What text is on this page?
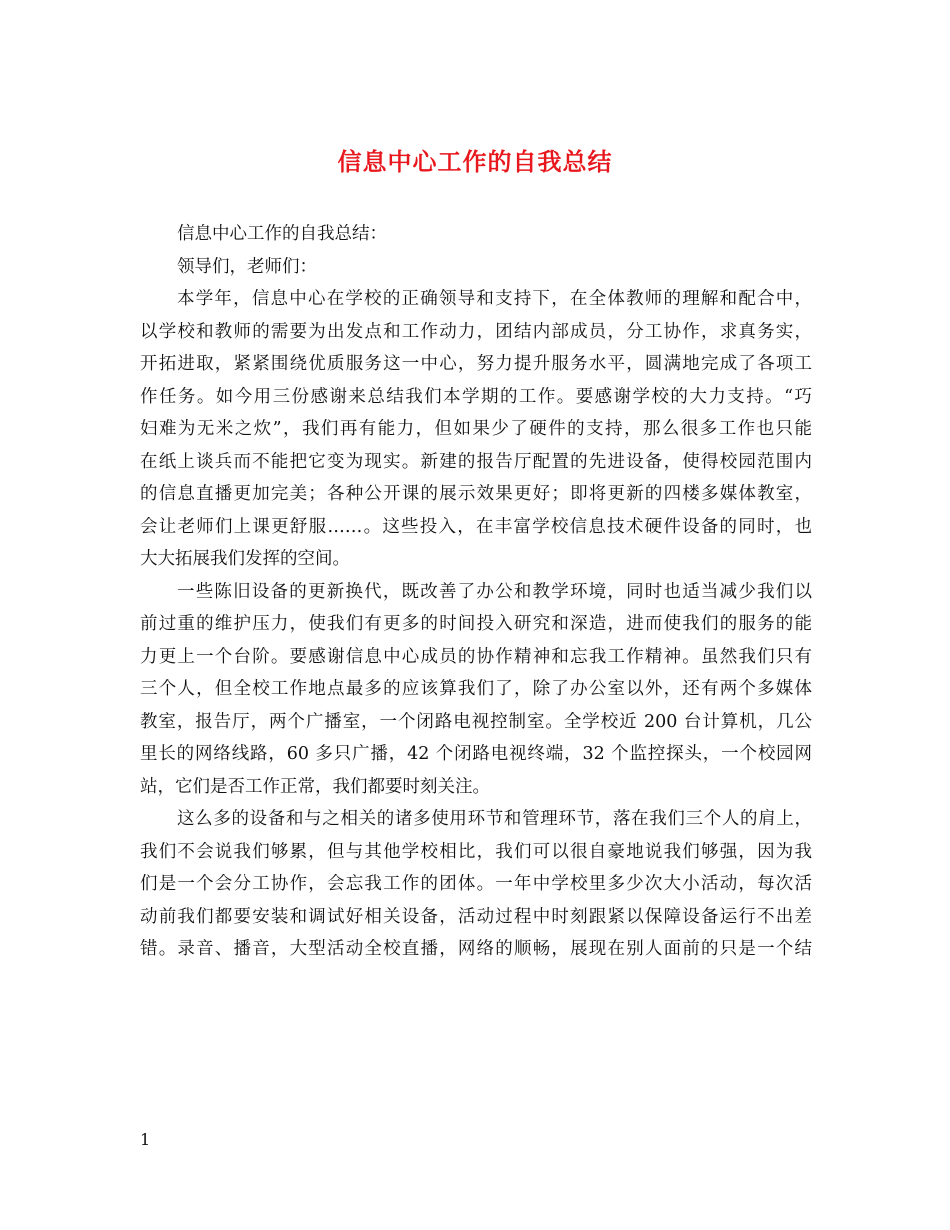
信息中心工作的自我总结
信息中心工作的自我总结：
领导们，老师们：
本学年，信息中心在学校的正确领导和支持下，在全体教师的理解和配合中，
以学校和教师的需要为出发点和工作动力，团结内部成员，分工协作，求真务实，
开拓进取，紧紧围绕优质服务这一中心，努力提升服务水平，圆满地完成了各项工
作任务。如今用三份感谢来总结我们本学期的工作。要感谢学校的大力支持。“巧
妇难为无米之炊”，我们再有能力，但如果少了硬件的支持，那么很多工作也只能
在纸上谈兵而不能把它变为现实。新建的报告厅配置的先进设备，使得校园范围内
的信息直播更加完美；各种公开课的展示效果更好；即将更新的四楼多媒体教室，
会让老师们上课更舒服……。这些投入，在丰富学校信息技术硬件设备的同时，也
大大拓展我们发挥的空间。
一些陈旧设备的更新换代，既改善了办公和教学环境，同时也适当减少我们以
前过重的维护压力，使我们有更多的时间投入研究和深造，进而使我们的服务的能
力更上一个台阶。要感谢信息中心成员的协作精神和忘我工作精神。虽然我们只有
三个人，但全校工作地点最多的应该算我们了，除了办公室以外，还有两个多媒体
教室，报告厅，两个广播室，一个闭路电视控制室。全学校近 200 台计算机，几公
里长的网络线路，60 多只广播，42 个闭路电视终端，32 个监控探头，一个校园网
站，它们是否工作正常，我们都要时刻关注。
这么多的设备和与之相关的诸多使用环节和管理环节，落在我们三个人的肩上，
我们不会说我们够累，但与其他学校相比，我们可以很自豪地说我们够强，因为我
们是一个会分工协作，会忘我工作的团体。一年中学校里多少次大小活动，每次活
动前我们都要安装和调试好相关设备，活动过程中时刻跟紧以保障设备运行不出差
错。录音、播音，大型活动全校直播，网络的顺畅，展现在别人面前的只是一个结
1
